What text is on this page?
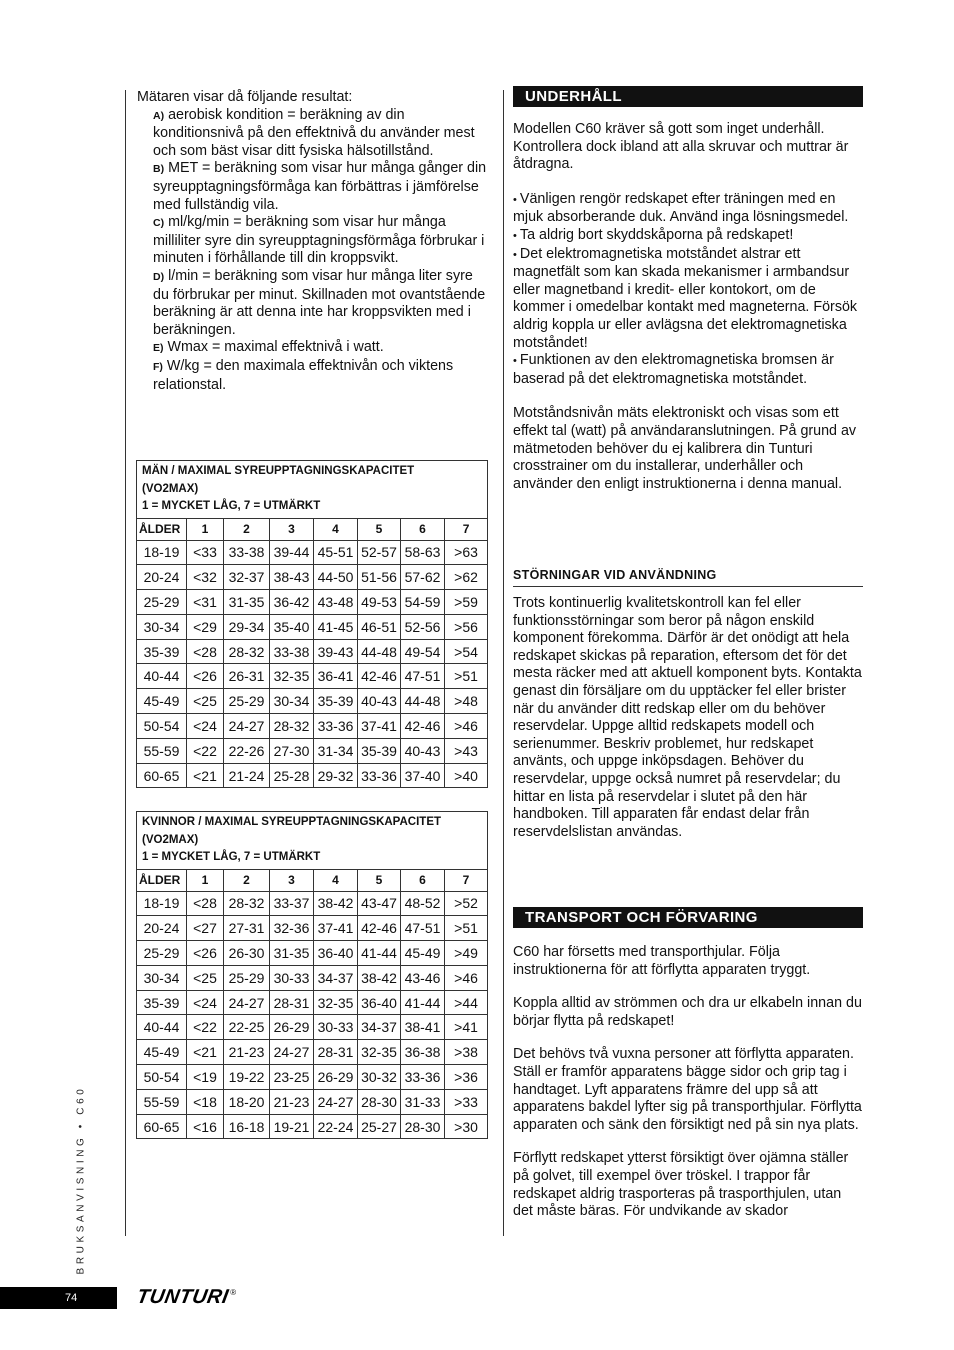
Mätaren visar då följande resultat:

A) aerobisk kondition = beräkning av din konditionsnivå på den effektnivå du använder mest och som bäst visar ditt fysiska hälsotillstånd.

B) MET = beräkning som visar hur många gånger din syreupptagningsförmåga kan förbättras i jämförelse med fullständig vila.

C) ml/kg/min = beräkning som visar hur många milliliter syre din syreupptagningsförmåga förbrukar i minuten i förhållande till din kroppsvikt.

D) l/min = beräkning som visar hur många liter syre du förbrukar per minut. Skillnaden mot ovantstående

beräkning är att denna inte har kroppsvikten med i beräkningen.

E) Wmax = maximal effektnivå i watt.

F) W/kg = den maximala effektnivån och viktens relationstal.

MÄN / MAXIMAL SYREUPPTAGNINGSKAPACITET
(VO2MAX)
1 = MYCKET LÅG, 7 = UTMÄRKT							

ÅLDER	1	2	3	4	5	6	7
18-19	<33	33-38	39-44	45-51	52-57	58-63	>63
20-24	<32	32-37	38-43	44-50	51-56	57-62	>62
25-29	<31	31-35	36-42	43-48	49-53	54-59	>59
30-34	<29	29-34	35-40	41-45	46-51	52-56	>56
35-39	<28	28-32	33-38	39-43	44-48	49-54	>54
40-44	<26	26-31	32-35	36-41	42-46	47-51	>51
45-49	<25	25-29	30-34	35-39	40-43	44-48	>48
50-54	<24	24-27	28-32	33-36	37-41	42-46	>46
55-59	<22	22-26	27-30	31-34	35-39	40-43	>43
60-65	<21	21-24	25-28	29-32	33-36	37-40	>40
KVINNOR / MAXIMAL SYREUPPTAGNINGSKAPACITET
(VO2MAX)
1 = MYCKET LÅG, 7 = UTMÄRKT							

ÅLDER	1	2	3	4	5	6	7
18-19	<28	28-32	33-37	38-42	43-47	48-52	>52
20-24	<27	27-31	32-36	37-41	42-46	47-51	>51
25-29	<26	26-30	31-35	36-40	41-44	45-49	>49
30-34	<25	25-29	30-33	34-37	38-42	43-46	>46
35-39	<24	24-27	28-31	32-35	36-40	41-44	>44
40-44	<22	22-25	26-29	30-33	34-37	38-41	>41
45-49	<21	21-23	24-27	28-31	32-35	36-38	>38
50-54	<19	19-22	23-25	26-29	30-32	33-36	>36
55-59	<18	18-20	21-23	24-27	28-30	31-33	>33
60-65	<16	16-18	19-21	22-24	25-27	28-30	>30
UNDERHÅLL

Modellen C60 kräver så gott som inget underhåll. Kontrollera dock ibland att alla skruvar och muttrar är åtdragna.

• Vänligen rengör redskapet efter träningen med en mjuk absorberande duk. Använd inga lösningsmedel.

• Ta aldrig bort skyddskåporna på redskapet!

• Det elektromagnetiska motståndet alstrar ett magnetfält som kan skada mekanismer i armbandsur eller magnetband i kredit- eller kontokort, om de kommer i omedelbar kontakt med magneterna. Försök aldrig koppla ur eller avlägsna det elektromagnetiska motståndet!

• Funktionen av den elektromagnetiska bromsen är baserad på det elektromagnetiska motståndet.

Motståndsnivån mäts elektroniskt och visas som ett effekt tal (watt) på användaranslutningen. På grund av mätmetoden behöver du ej kalibrera din Tunturi crosstrainer om du installerar, underhåller och använder den enligt instruktionerna i denna manual.

STÖRNINGAR VID ANVÄNDNING

Trots kontinuerlig kvalitetskontroll kan fel eller funktionsstörningar som beror på någon enskild komponent förekomma. Därför är det onödigt att hela redskapet skickas på reparation, eftersom det för det mesta räcker med att aktuell komponent byts. Kontakta genast din försäljare om du upptäcker fel eller brister när du använder ditt redskap eller om du behöver reservdelar. Uppge alltid redskapets modell och serienummer. Beskriv problemet, hur redskapet använts, och uppge inköpsdagen. Behöver du reservdelar, uppge också numret på reservdelar; du hittar en lista på reservdelar i slutet på den här handboken. Till apparaten får endast delar från reservdelslistan användas.

TRANSPORT OCH FÖRVARING

C60 har försetts med transporthjular. Följa instruktionerna för att förflytta apparaten tryggt.

Koppla alltid av strömmen och dra ur elkabeln innan du börjar flytta på redskapet!

Det behövs två vuxna personer att förflytta apparaten. Ställ er framför apparatens bägge sidor och grip tag i handtaget. Lyft apparatens främre del upp så att apparatens bakdel lyfter sig på transporthjular. Förflytta apparaten och sänk den försiktigt ned på sin nya plats.

Förflytt redskapet ytterst försiktigt över ojämna ställer på golvet, till exempel över tröskel. I trappor får redskapet aldrig trasporteras på trasporthjulen, utan det måste bäras. För undvikande av skador

BRUKSANVISNING • C60
74	TUNTURI ®
